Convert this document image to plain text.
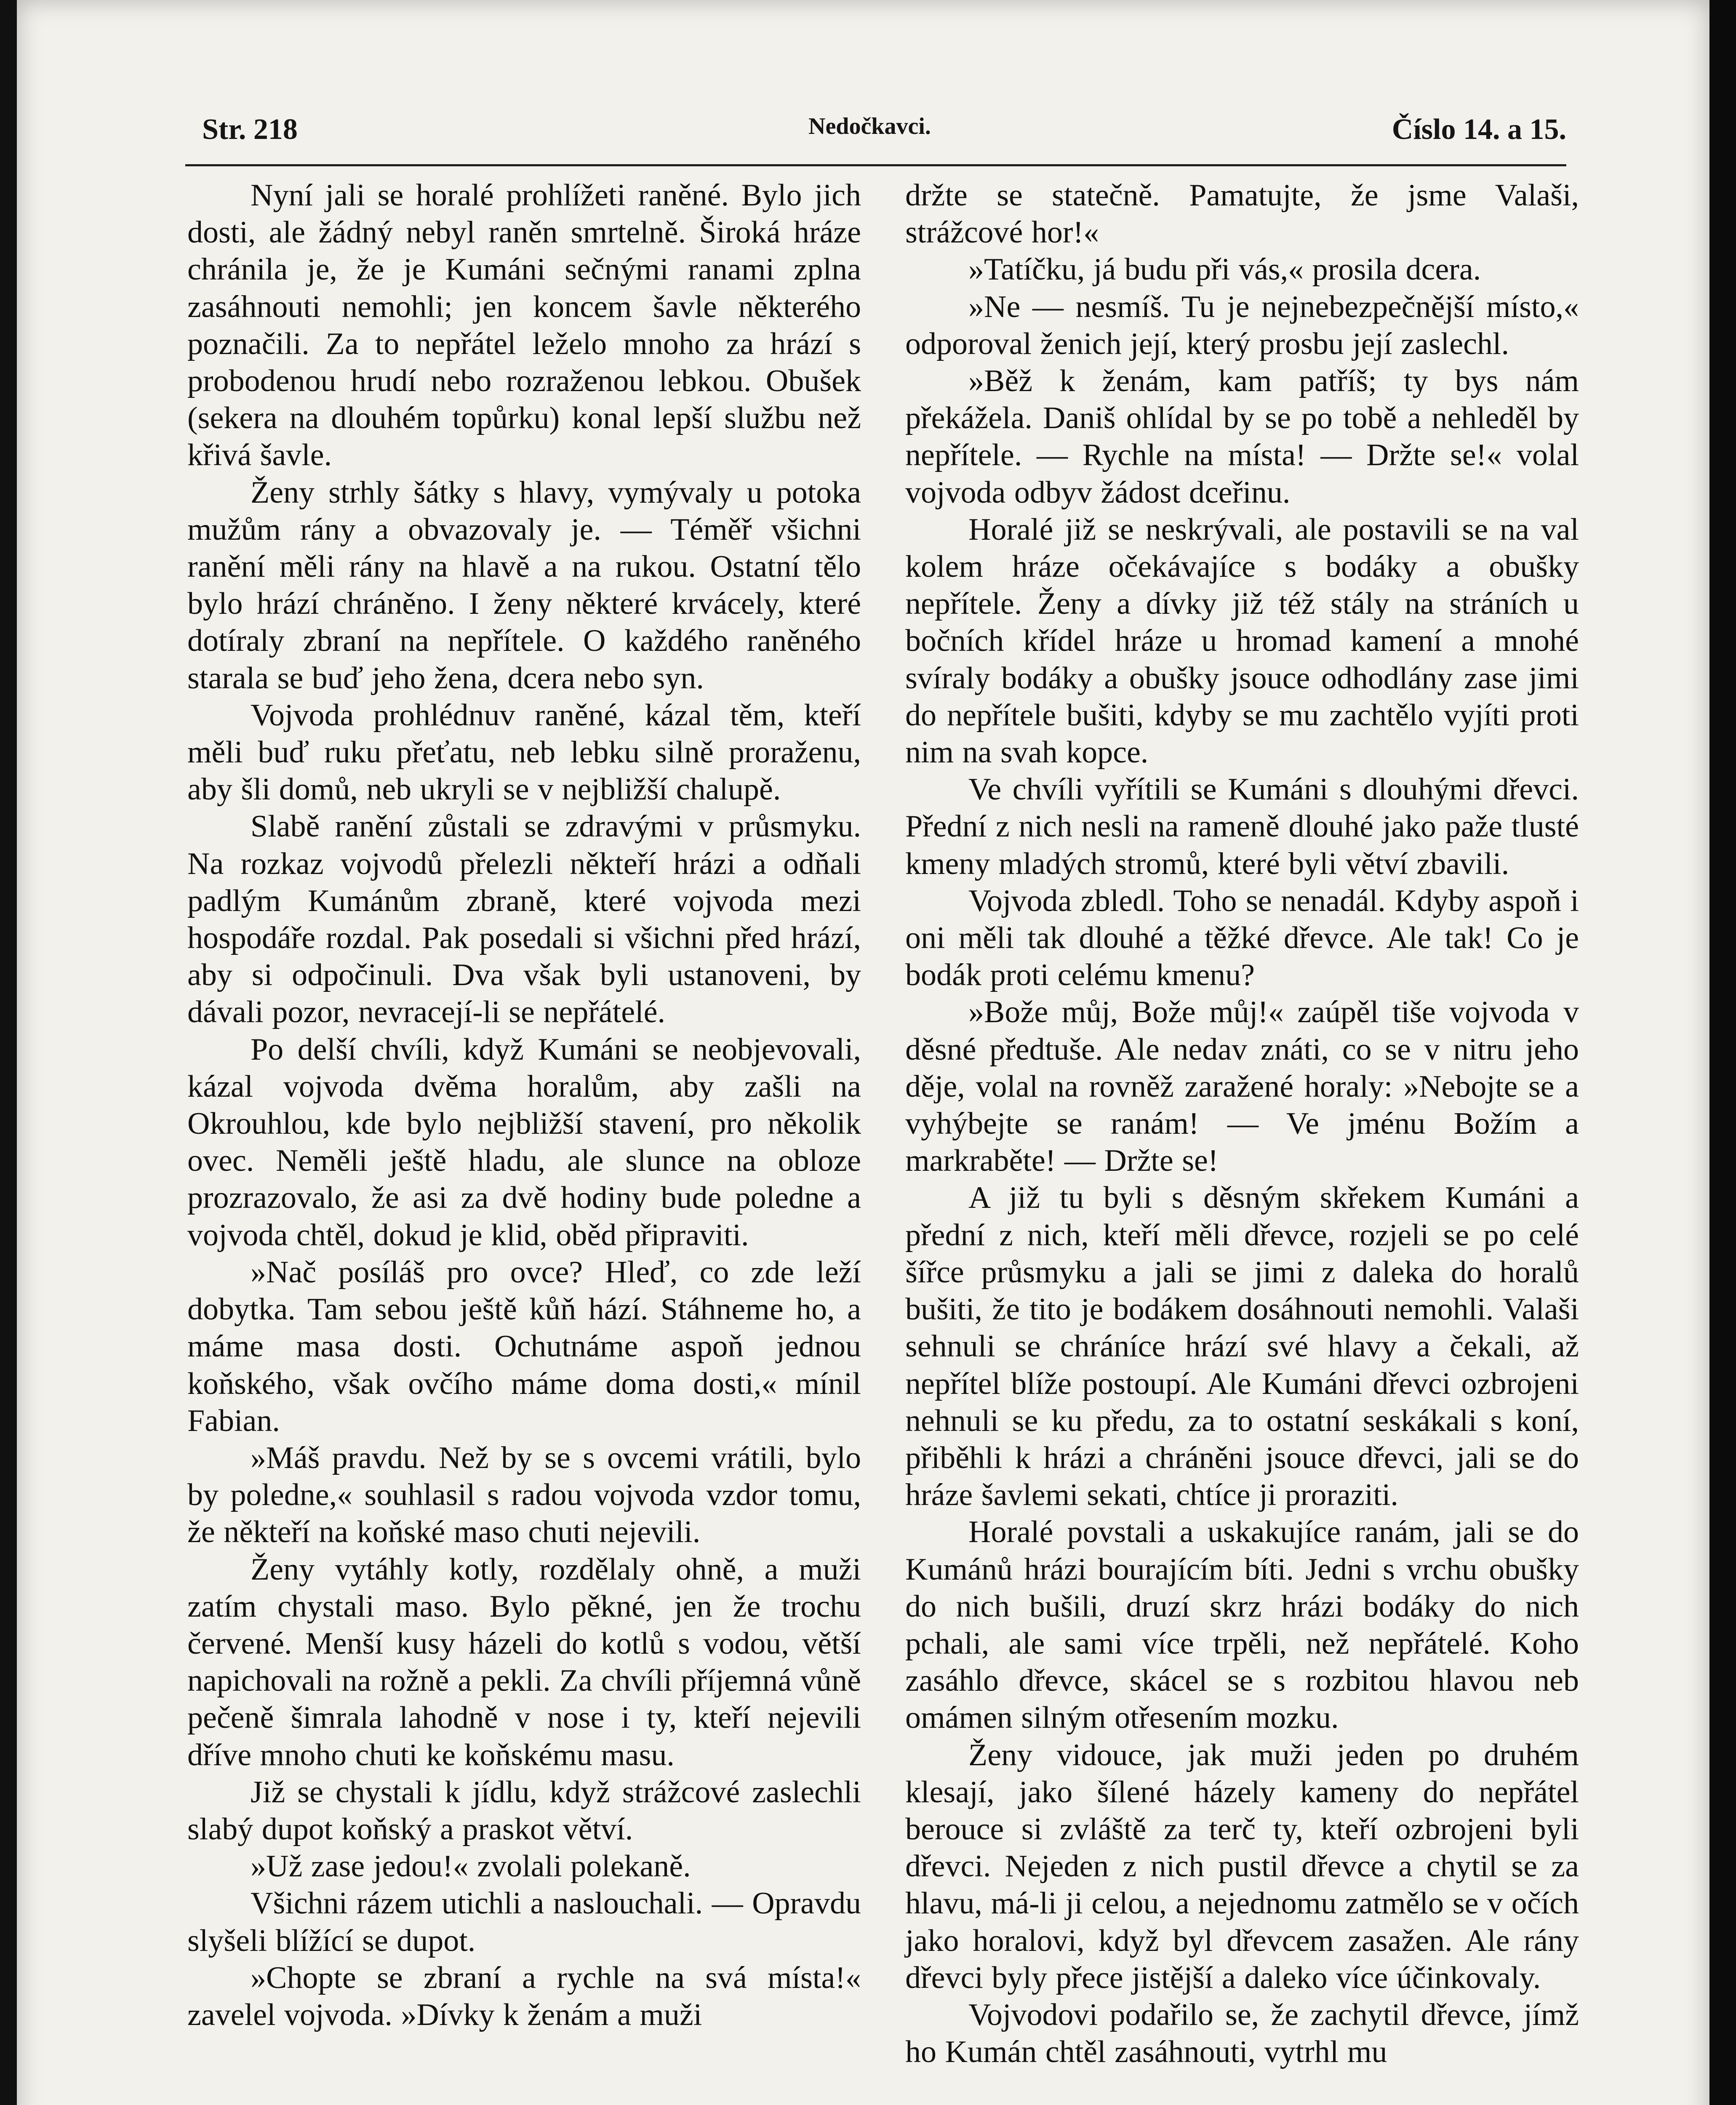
Str. 218	Nedočkavci.	Číslo 14. a 15.

Nyní jali se horalé prohlížeti raněné. Bylo jich dosti, ale žádný nebyl raněn smrtelně. Široká hráze chránila je, že je Kumáni sečnými ranami zplna zasáhnouti nemohli; jen koncem šavle některého poznačili. Za to nepřátel leželo mnoho za hrází s probodenou hrudí nebo rozraženou lebkou. Obušek (sekera na dlouhém topůrku) konal lepší službu než křivá šavle.

Ženy strhly šátky s hlavy, vymývaly u potoka mužům rány a obvazovaly je. — Téměř všichni ranění měli rány na hlavě a na rukou. Ostatní tělo bylo hrází chráněno. I ženy některé krvácely, které dotíraly zbraní na nepřítele. O každého raněného starala se buď jeho žena, dcera nebo syn.

Vojvoda prohlédnuv raněné, kázal těm, kteří měli buď ruku přeťatu, neb lebku silně proraženu, aby šli domů, neb ukryli se v nejbližší chalupě.

Slabě ranění zůstali se zdravými v průsmyku. Na rozkaz vojvodů přelezli někteří hrázi a odňali padlým Kumánům zbraně, které vojvoda mezi hospodáře rozdal. Pak posedali si všichni před hrází, aby si odpočinuli. Dva však byli ustanoveni, by dávali pozor, nevracejí-li se nepřátelé.

Po delší chvíli, když Kumáni se neobjevovali, kázal vojvoda dvěma horalům, aby zašli na Okrouhlou, kde bylo nejbližší stavení, pro několik ovec. Neměli ještě hladu, ale slunce na obloze prozrazovalo, že asi za dvě hodiny bude poledne a vojvoda chtěl, dokud je klid, oběd připraviti.

»Nač posíláš pro ovce? Hleď, co zde leží dobytka. Tam sebou ještě kůň hází. Stáhneme ho, a máme masa dosti. Ochutnáme aspoň jednou koňského, však ovčího máme doma dosti,« mínil Fabian.

»Máš pravdu. Než by se s ovcemi vrátili, bylo by poledne,« souhlasil s radou vojvoda vzdor tomu, že někteří na koňské maso chuti nejevili.

Ženy vytáhly kotly, rozdělaly ohně, a muži zatím chystali maso. Bylo pěkné, jen že trochu červené. Menší kusy házeli do kotlů s vodou, větší napichovali na rožně a pekli. Za chvíli příjemná vůně pečeně šimrala lahodně v nose i ty, kteří nejevili dříve mnoho chuti ke koňskému masu.

Již se chystali k jídlu, když strážcové zaslechli slabý dupot koňský a praskot větví.

»Už zase jedou!« zvolali polekaně.

Všichni rázem utichli a naslouchali. — Opravdu slyšeli blížící se dupot.

»Chopte se zbraní a rychle na svá místa!« zavelel vojvoda. »Dívky k ženám a muži

držte se statečně. Pamatujte, že jsme Valaši, strážcové hor!«

»Tatíčku, já budu při vás,« prosila dcera.

»Ne — nesmíš. Tu je nejnebezpečnější místo,« odporoval ženich její, který prosbu její zaslechl.

»Běž k ženám, kam patříš; ty bys nám překážela. Daniš ohlídal by se po tobě a nehleděl by nepřítele. — Rychle na místa! — Držte se!« volal vojvoda odbyv žádost dceřinu.

Horalé již se neskrývali, ale postavili se na val kolem hráze očekávajíce s bodáky a obušky nepřítele. Ženy a dívky již též stály na stráních u bočních křídel hráze u hromad kamení a mnohé svíraly bodáky a obušky jsouce odhodlány zase jimi do nepřítele bušiti, kdyby se mu zachtělo vyjíti proti nim na svah kopce.

Ve chvíli vyřítili se Kumáni s dlouhými dřevci. Přední z nich nesli na rameně dlouhé jako paže tlusté kmeny mladých stromů, které byli větví zbavili.

Vojvoda zbledl. Toho se nenadál. Kdyby aspoň i oni měli tak dlouhé a těžké dřevce. Ale tak! Co je bodák proti celému kmenu?

»Bože můj, Bože můj!« zaúpěl tiše vojvoda v děsné předtuše. Ale nedav znáti, co se v nitru jeho děje, volal na rovněž zaražené horaly: »Nebojte se a vyhýbejte se ranám! — Ve jménu Božím a markraběte! — Držte se!

A již tu byli s děsným skřekem Kumáni a přední z nich, kteří měli dřevce, rozjeli se po celé šířce průsmyku a jali se jimi z daleka do horalů bušiti, že tito je bodákem dosáhnouti nemohli. Valaši sehnuli se chráníce hrází své hlavy a čekali, až nepřítel blíže postoupí. Ale Kumáni dřevci ozbrojeni nehnuli se ku předu, za to ostatní seskákali s koní, přiběhli k hrázi a chráněni jsouce dřevci, jali se do hráze šavlemi sekati, chtíce ji proraziti.

Horalé povstali a uskakujíce ranám, jali se do Kumánů hrázi bourajícím bíti. Jedni s vrchu obušky do nich bušili, druzí skrz hrázi bodáky do nich pchali, ale sami více trpěli, než nepřátelé. Koho zasáhlo dřevce, skácel se s rozbitou hlavou neb omámen silným otřesením mozku.

Ženy vidouce, jak muži jeden po druhém klesají, jako šílené házely kameny do nepřátel berouce si zvláště za terč ty, kteří ozbrojeni byli dřevci. Nejeden z nich pustil dřevce a chytil se za hlavu, má-li ji celou, a nejednomu zatmělo se v očích jako horalovi, když byl dřevcem zasažen. Ale rány dřevci byly přece jistější a daleko více účinkovaly.

Vojvodovi podařilo se, že zachytil dřevce, jímž ho Kumán chtěl zasáhnouti, vytrhl mu
